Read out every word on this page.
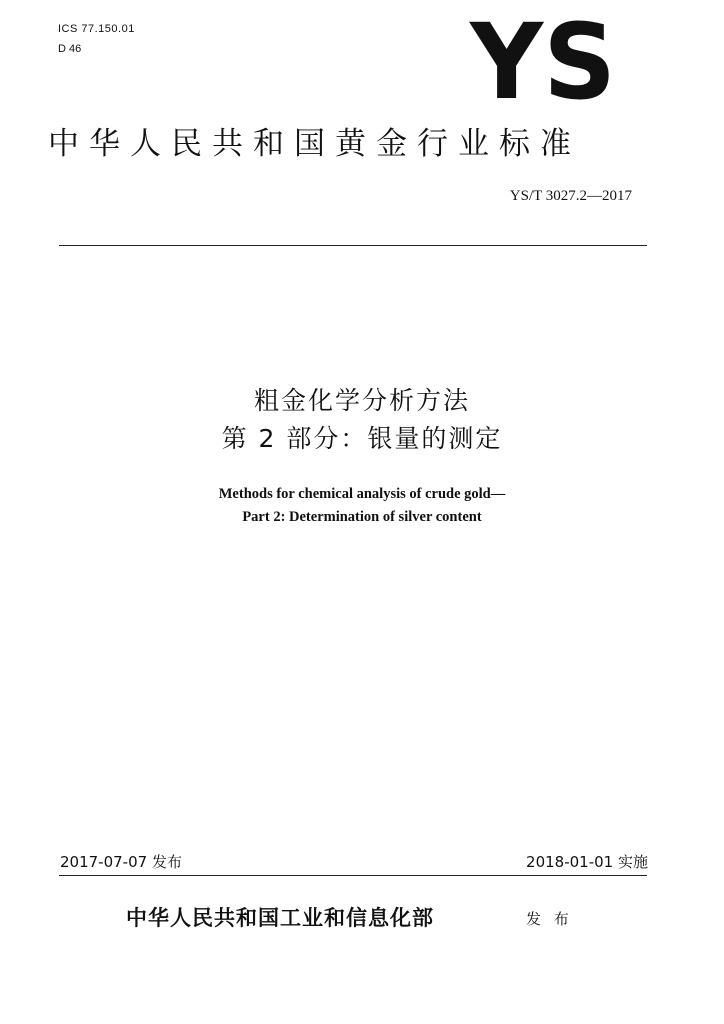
ICS 77.150.01

D 46	YS

中华人民共和国黄金行业标准

YS/T 3027.2—2017

粗金化学分析方法

第 2 部分：银量的测定

Methods for chemical analysis of crude gold—

Part 2: Determination of silver content

2017-07-07 发布	2018-01-01 实施

中华人民共和国工业和信息化部	发 布
